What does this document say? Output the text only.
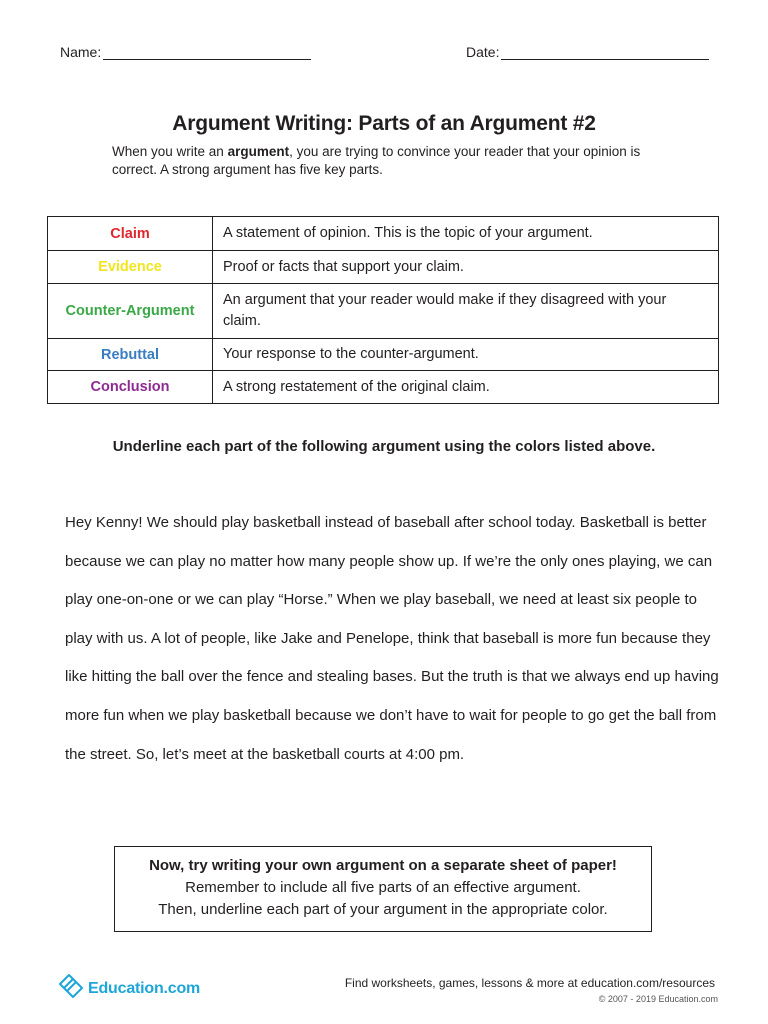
Name:	Date:
Argument Writing: Parts of an Argument #2

When you write an argument, you are trying to convince your reader that your opinion is correct. A strong argument has five key parts.

Claim	A statement of opinion. This is the topic of your argument.
Evidence	Proof or facts that support your claim.
Counter-Argument	An argument that your reader would make if they disagreed with your claim.
Rebuttal	Your response to the counter-argument.
Conclusion	A strong restatement of the original claim.

Underline each part of the following argument using the colors listed above.

Hey Kenny! We should play basketball instead of baseball after school today. Basketball is better because we can play no matter how many people show up. If we’re the only ones playing, we can play one-on-one or we can play “Horse.” When we play baseball, we need at least six people to play with us. A lot of people, like Jake and Penelope, think that baseball is more fun because they like hitting the ball over the fence and stealing bases. But the truth is that we always end up having more fun when we play basketball because we don’t have to wait for people to go get the ball from the street. So, let’s meet at the basketball courts at 4:00 pm.

Now, try writing your own argument on a separate sheet of paper!
Remember to include all five parts of an effective argument.
Then, underline each part of your argument in the appropriate color.
Education.com	Find worksheets, games, lessons & more at education.com/resources
© 2007 - 2019 Education.com
